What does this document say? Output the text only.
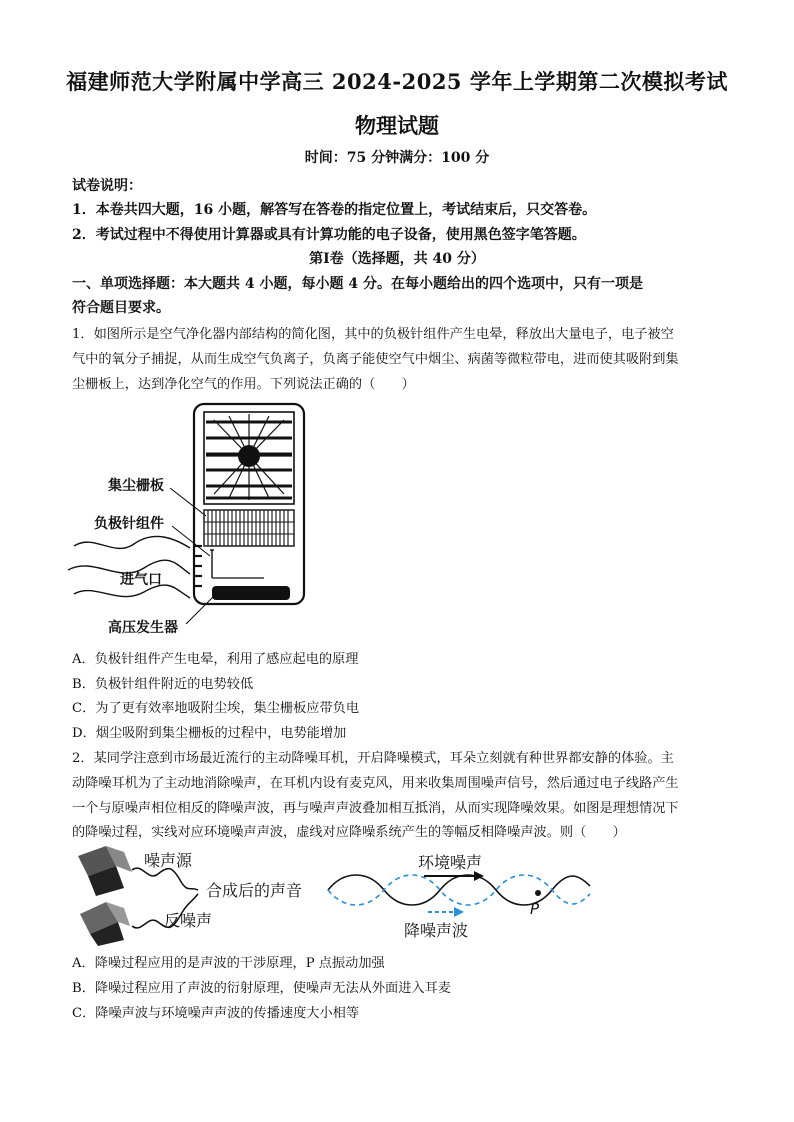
福建师范大学附属中学高三 2024-2025 学年上学期第二次模拟考试
物理试题
时间：75 分钟满分：100 分
试卷说明：
1．本卷共四大题，16 小题，解答写在答卷的指定位置上，考试结束后，只交答卷。
2．考试过程中不得使用计算器或具有计算功能的电子设备，使用黑色签字笔答题。
第Ⅰ卷（选择题，共 40 分）
一、单项选择题：本大题共 4 小题，每小题 4 分。在每小题给出的四个选项中，只有一项是
符合题目要求。
1．如图所示是空气净化器内部结构的简化图，其中的负极针组件产生电晕，释放出大量电子，电子被空
气中的氧分子捕捉，从而生成空气负离子，负离子能使空气中烟尘、病菌等微粒带电，进而使其吸附到集
尘栅板上，达到净化空气的作用。下列说法正确的（　　）
集尘栅板
负极针组件
进气口
高压发生器
A．负极针组件产生电晕，利用了感应起电的原理
B．负极针组件附近的电势较低
C．为了更有效率地吸附尘埃，集尘栅板应带负电
D．烟尘吸附到集尘栅板的过程中，电势能增加
2．某同学注意到市场最近流行的主动降噪耳机，开启降噪模式，耳朵立刻就有种世界都安静的体验。主
动降噪耳机为了主动地消除噪声，在耳机内设有麦克风，用来收集周围噪声信号，然后通过电子线路产生
一个与原噪声相位相反的降噪声波，再与噪声声波叠加相互抵消，从而实现降噪效果。如图是理想情况下
的降噪过程，实线对应环境噪声声波，虚线对应降噪系统产生的等幅反相降噪声波。则（　　）
噪声源
合成后的声音
反噪声
P
环境噪声
降噪声波
A．降噪过程应用的是声波的干涉原理，P 点振动加强
B．降噪过程应用了声波的衍射原理，使噪声无法从外面进入耳麦
C．降噪声波与环境噪声声波的传播速度大小相等
